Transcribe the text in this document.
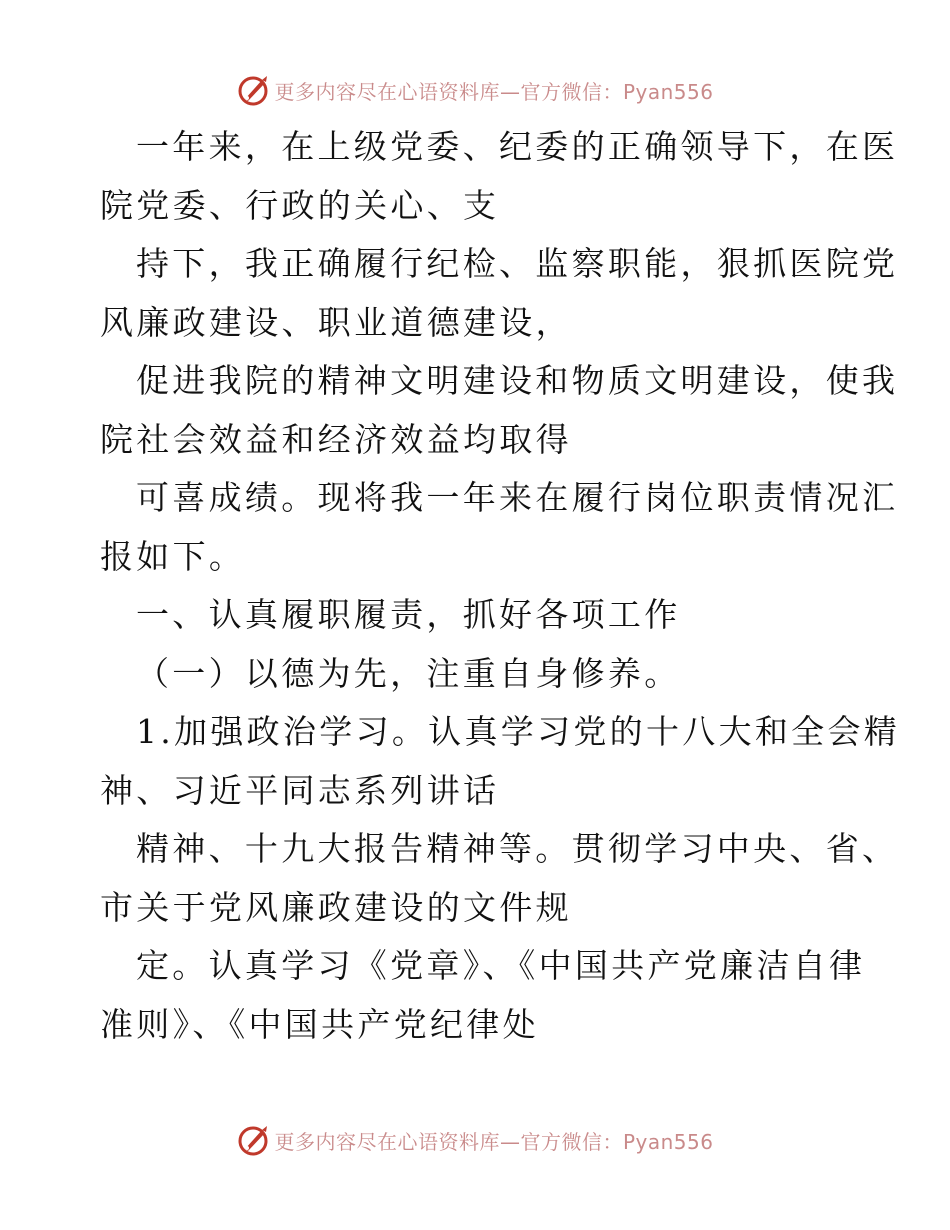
更多内容尽在心语资料库—官方微信：Pyan556
一年来，在上级党委、纪委的正确领导下，在医
院党委、行政的关心、支
持下，我正确履行纪检、监察职能，狠抓医院党
风廉政建设、职业道德建设，
促进我院的精神文明建设和物质文明建设，使我
院社会效益和经济效益均取得
可喜成绩。现将我一年来在履行岗位职责情况汇
报如下。
一、认真履职履责，抓好各项工作
（一）以德为先，注重自身修养。
1.加强政治学习。认真学习党的十八大和全会精
神、习近平同志系列讲话
精神、十九大报告精神等。贯彻学习中央、省、
市关于党风廉政建设的文件规
定。认真学习《党章》、《中国共产党廉洁自律
准则》、《中国共产党纪律处
更多内容尽在心语资料库—官方微信：Pyan556
